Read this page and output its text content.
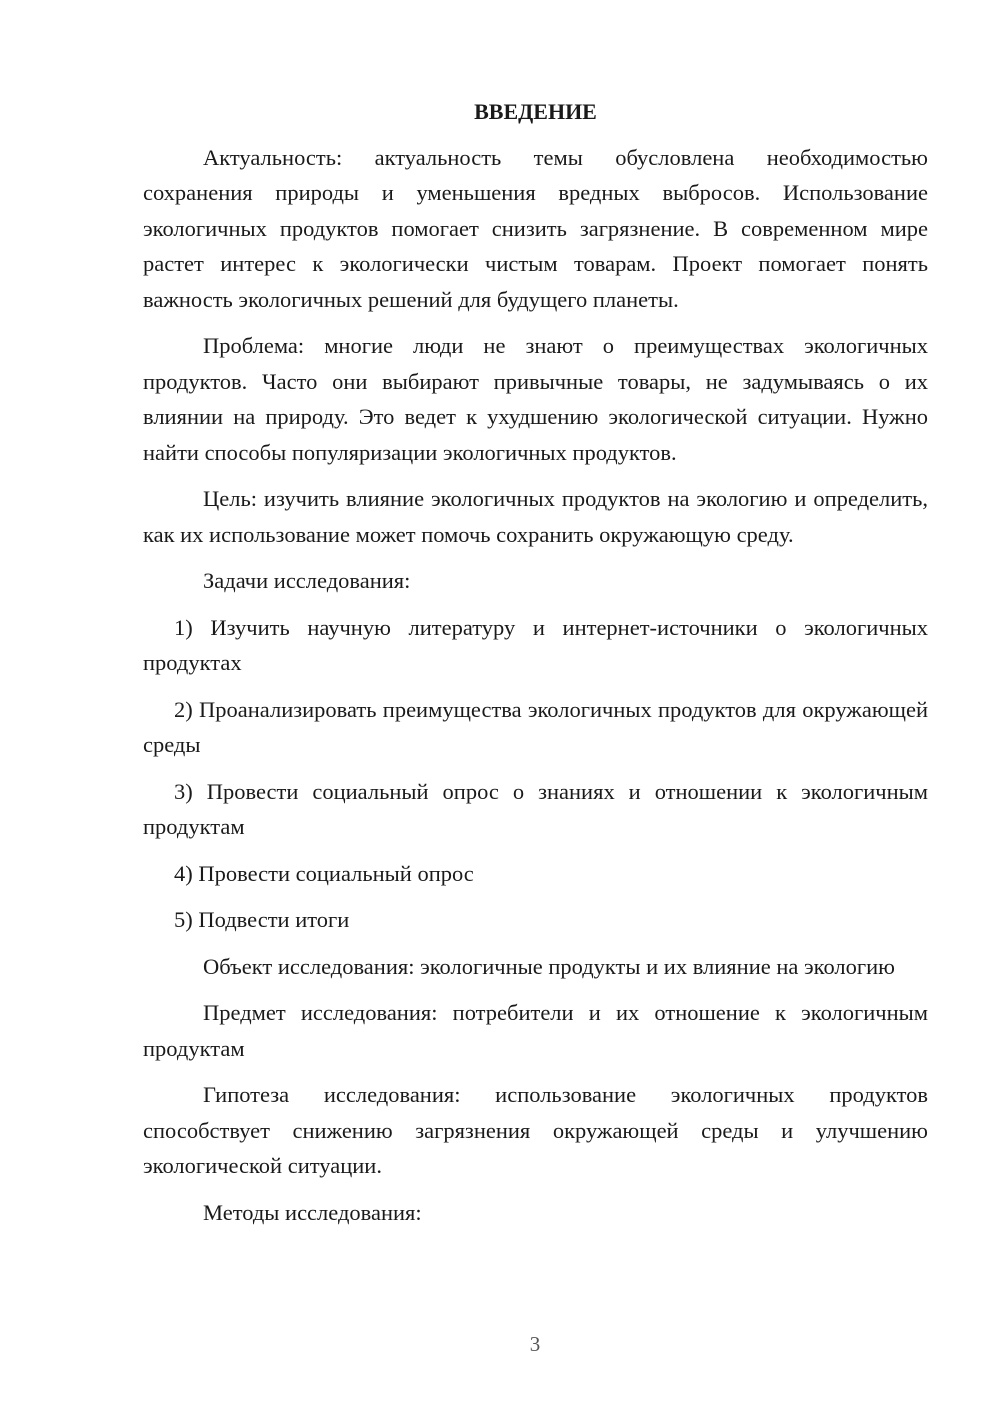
ВВЕДЕНИЕ

Актуальность: актуальность темы обусловлена необходимостью сохранения природы и уменьшения вредных выбросов. Использование экологичных продуктов помогает снизить загрязнение. В современном мире растет интерес к экологически чистым товарам. Проект помогает понять важность экологичных решений для будущего планеты.

Проблема: многие люди не знают о преимуществах экологичных продуктов. Часто они выбирают привычные товары, не задумываясь о их влиянии на природу. Это ведет к ухудшению экологической ситуации. Нужно найти способы популяризации экологичных продуктов.

Цель: изучить влияние экологичных продуктов на экологию и определить, как их использование может помочь сохранить окружающую среду.

Задачи исследования:

1) Изучить научную литературу и интернет-источники о экологичных продуктах

2) Проанализировать преимущества экологичных продуктов для окружающей среды

3) Провести социальный опрос о знаниях и отношении к экологичным продуктам

4) Провести социальный опрос

5) Подвести итоги

Объект исследования: экологичные продукты и их влияние на экологию

Предмет исследования: потребители и их отношение к экологичным продуктам

Гипотеза исследования: использование экологичных продуктов способствует снижению загрязнения окружающей среды и улучшению экологической ситуации.

Методы исследования:

3
